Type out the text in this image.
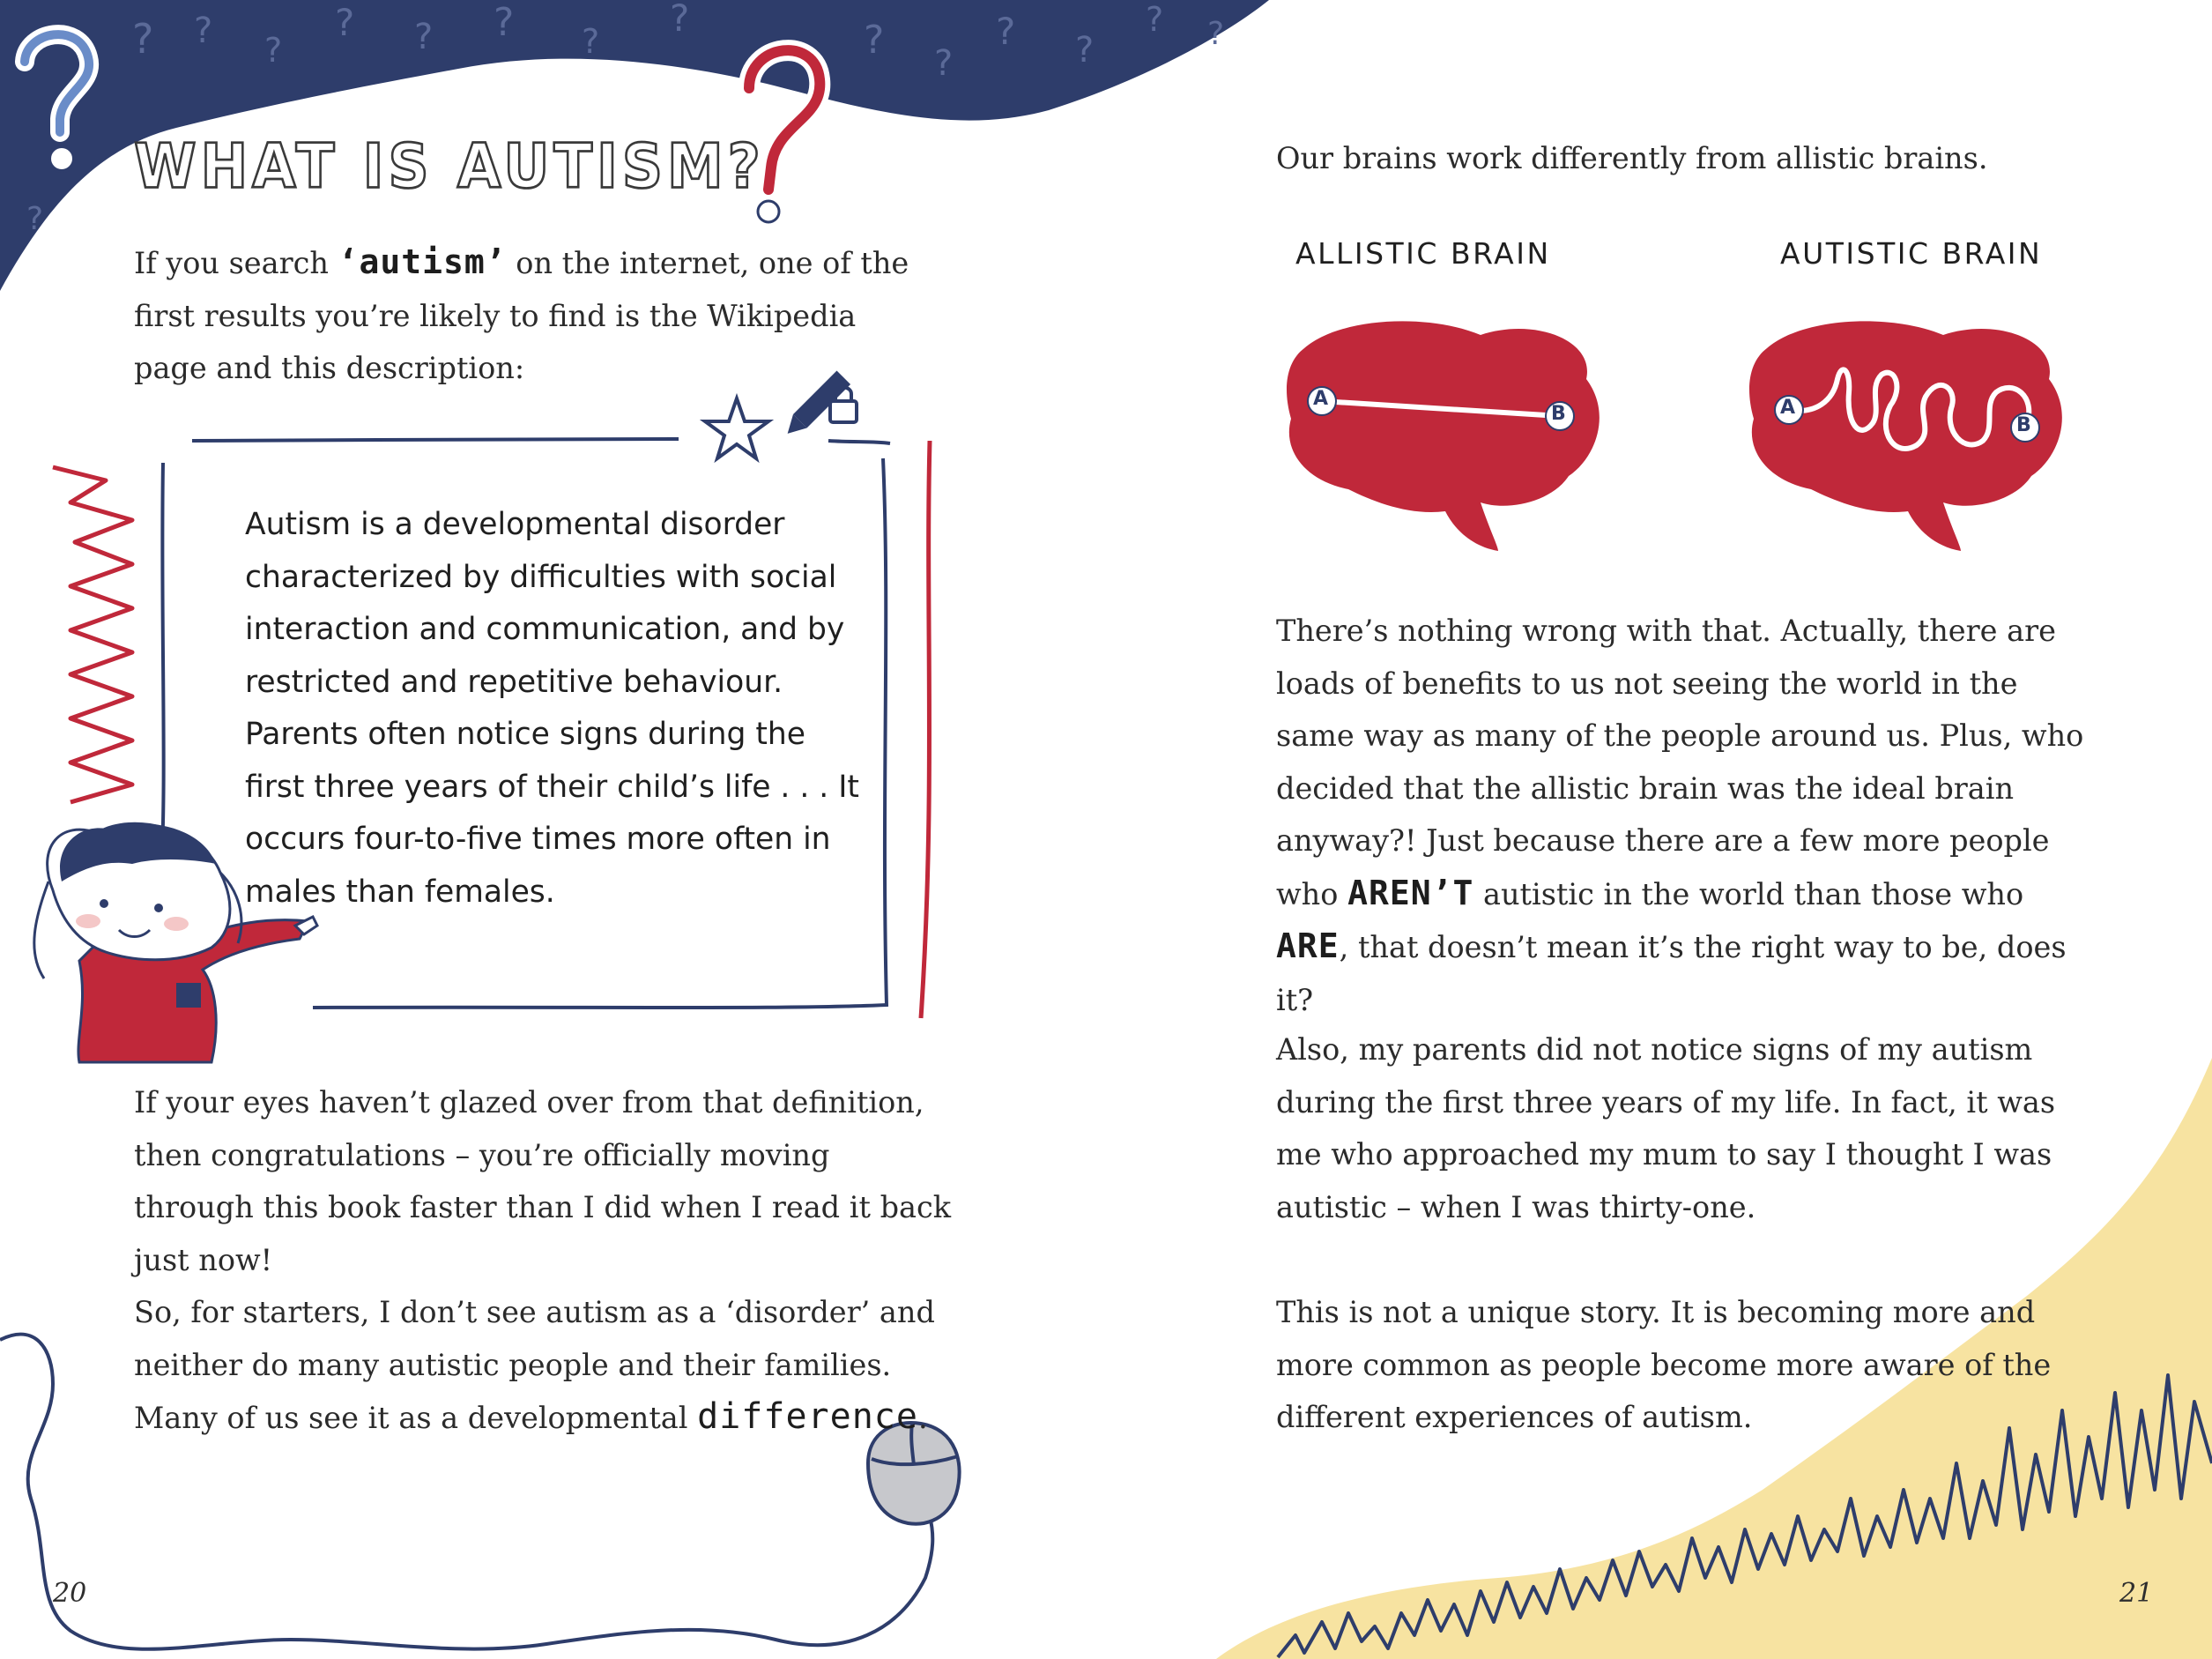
? ? ?
? ? ? ?
?	?
?
? ?
? ?
?
A
B	A
B
WHAT IS AUTISM?

If you search ‘autism’ on the internet, one of the first results you’re likely to find is the Wikipedia page and this description:

Autism is a developmental disorder characterized by difficulties with social interaction and communication, and by restricted and repetitive behaviour. Parents often notice signs during the first three years of their child’s life . . . It occurs four-to-five times more often in males than females.

If your eyes haven’t glazed over from that definition, then congratulations – you’re officially moving through this book faster than I did when I read it back just now!

So, for starters, I don’t see autism as a ‘disorder’ and neither do many autistic people and their families. Many of us see it as a developmental difference.

20

Our brains work differently from allistic brains.

ALLISTIC BRAIN	AUTISTIC BRAIN

There’s nothing wrong with that. Actually, there are loads of benefits to us not seeing the world in the same way as many of the people around us. Plus, who decided that the allistic brain was the ideal brain anyway?! Just because there are a few more people who AREN’T autistic in the world than those who ARE, that doesn’t mean it’s the right way to be, does it?

Also, my parents did not notice signs of my autism during the first three years of my life. In fact, it was me who approached my mum to say I thought I was autistic – when I was thirty-one.

This is not a unique story. It is becoming more and more common as people become more aware of the different experiences of autism.

21
